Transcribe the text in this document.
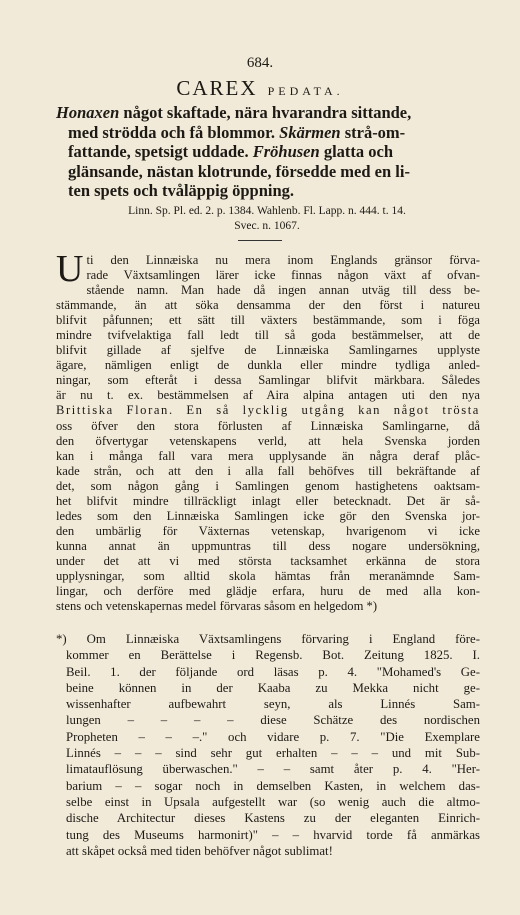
684.
CAREX PEDATA.
Honaxen något skaftade, nära hvarandra sittande,
med strödda och få blommor. Skärmen strå-om-
fattande, spetsigt uddade. Fröhusen glatta och
glänsande, nästan klotrunde, försedde med en li-
ten spets och tvåläppig öppning.
Linn. Sp. Pl. ed. 2. p. 1384. Wahlenb. Fl. Lapp. n. 444. t. 14.
Svec. n. 1067.
U ti den Linnæiska nu mera inom Englands gränsor förva-
rade Växtsamlingen lärer icke finnas någon växt af ofvan-
stående namn. Man hade då ingen annan utväg till dess be-
stämmande, än att söka densamma der den först i natureu
blifvit påfunnen; ett sätt till växters bestämmande, som i föga
mindre tvifvelaktiga fall ledt till så goda bestämmelser, att de
blifvit gillade af sjelfve de Linnæiska Samlingarnes upplyste
ägare, nämligen enligt de dunkla eller mindre tydliga anled-
ningar, som efteråt i dessa Samlingar blifvit märkbara. Således
är nu t. ex. bestämmelsen af Aira alpina antagen uti den nya
Brittiska Floran. En så lycklig utgång kan något trösta
oss öfver den stora förlusten af Linnæiska Samlingarne, då
den öfvertygar vetenskapens verld, att hela Svenska jorden
kan i många fall vara mera upplysande än några deraf plåc-
kade strån, och att den i alla fall behöfves till bekräftande af
det, som någon gång i Samlingen genom hastighetens oaktsam-
het blifvit mindre tillräckligt inlagt eller betecknadt. Det är så-
ledes som den Linnæiska Samlingen icke gör den Svenska jor-
den umbärlig för Växternas vetenskap, hvarigenom vi icke
kunna annat än uppmuntras till dess nogare undersökning,
under det att vi med största tacksamhet erkänna de stora
upplysningar, som alltid skola hämtas från meranämnde Sam-
lingar, och derföre med glädje erfara, huru de med alla kon-
stens och vetenskapernas medel förvaras såsom en helgedom *)
*) Om Linnæiska Växtsamlingens förvaring i England före-
kommer en Berättelse i Regensb. Bot. Zeitung 1825. I.
Beil. 1. der följande ord läsas p. 4. "Mohamed's Ge-
beine können in der Kaaba zu Mekka nicht ge-
wissenhafter aufbewahrt seyn, als Linnés Sam-
lungen – – – – diese Schätze des nordischen
Propheten – – –." och vidare p. 7. "Die Exemplare
Linnés – – – sind sehr gut erhalten – – – und mit Sub-
limatauflösung überwaschen." – – samt åter p. 4. "Her-
barium – – sogar noch in demselben Kasten, in welchem das-
selbe einst in Upsala aufgestellt war (so wenig auch die altmo-
dische Architectur dieses Kastens zu der eleganten Einrich-
tung des Museums harmonirt)" – – hvarvid torde få anmärkas
att skåpet också med tiden behöfver något sublimat!
